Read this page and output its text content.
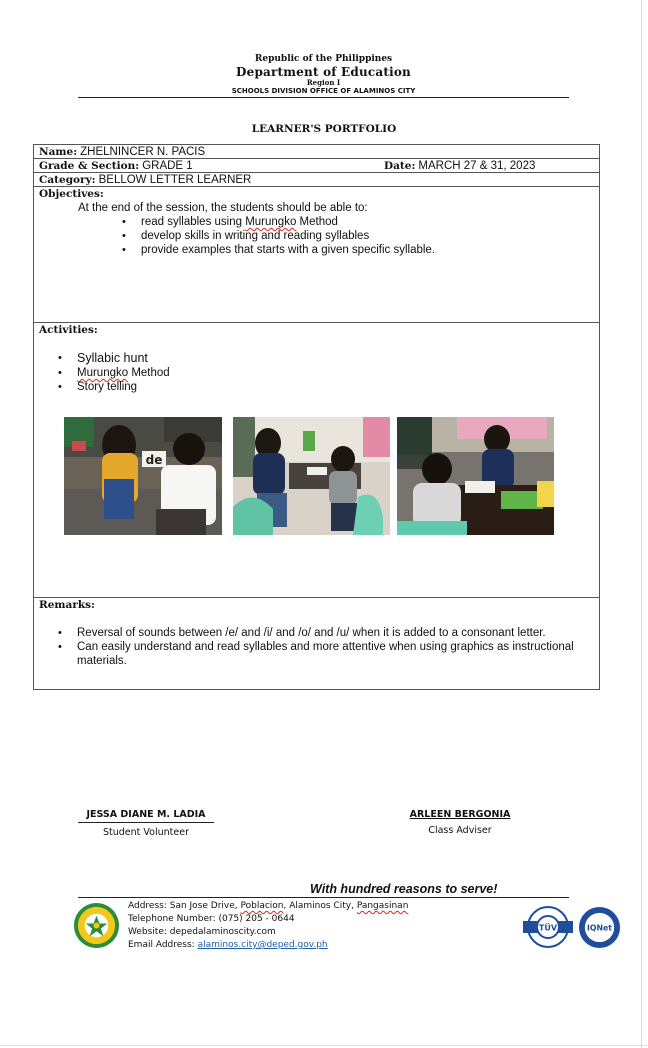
Republic of the Philippines
Department of Education
Region I
SCHOOLS DIVISION OFFICE OF ALAMINOS CITY
LEARNER'S PORTFOLIO
Name: ZHELNINCER N. PACIS
Grade & Section: GRADE 1	Date: MARCH 27 & 31, 2023
Category: BELLOW LETTER LEARNER
Objectives:
At the end of the session, the students should be able to:
• read syllables using Murungko Method
• develop skills in writing and reading syllables
• provide examples that starts with a given specific syllable.
Activities:
• Syllabic hunt
• Murungko Method
• Story telling
de
Remarks:
• Reversal of sounds between /e/ and /i/ and /o/ and /u/ when it is added to a consonant letter.
• Can easily understand and read syllables and more attentive when using graphics as instructional materials.
JESSA DIANE M. LADIA
Student Volunteer
ARLEEN BERGONIA
Class Adviser
With hundred reasons to serve!
Address: San Jose Drive, Poblacion, Alaminos City, Pangasinan
Telephone Number: (075) 205 - 0644
Website: depedalaminoscity.com
Email Address: alaminos.city@deped.gov.ph
TÜV	IQNet
